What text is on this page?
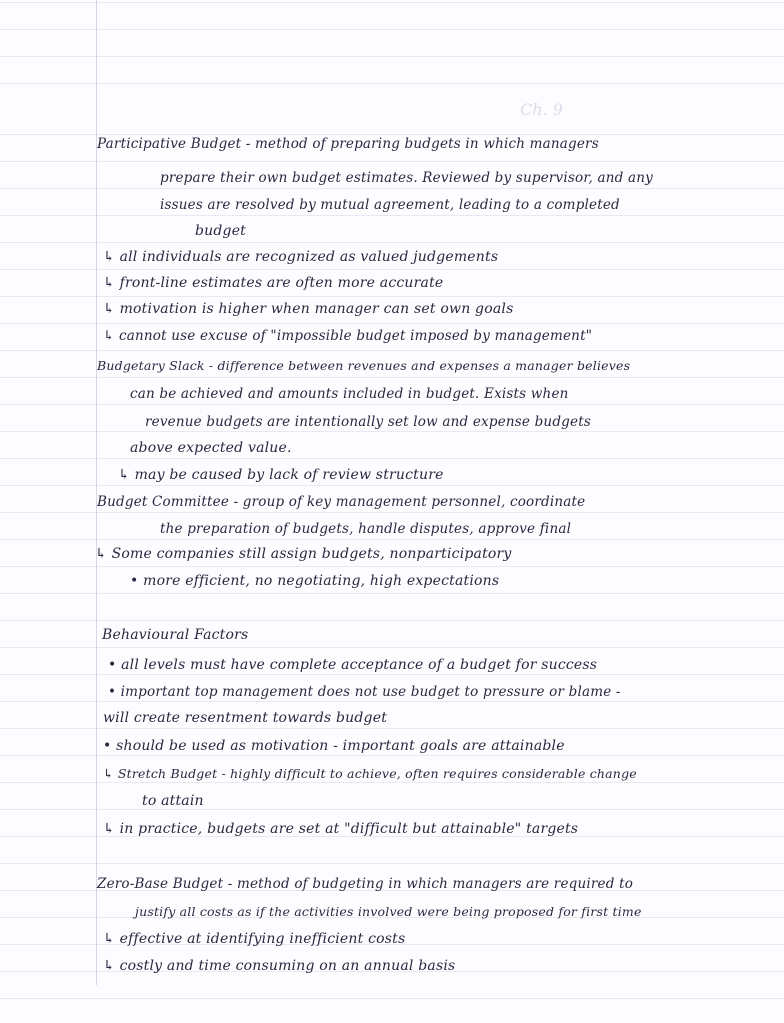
Ch. 9
Participative Budget - method of preparing budgets in which managers
prepare their own budget estimates. Reviewed by supervisor, and any
issues are resolved by mutual agreement, leading to a completed
budget
↳ all individuals are recognized as valued judgements
↳ front-line estimates are often more accurate
↳ motivation is higher when manager can set own goals
↳ cannot use excuse of "impossible budget imposed by management"
Budgetary Slack - difference between revenues and expenses a manager believes
can be achieved and amounts included in budget. Exists when
revenue budgets are intentionally set low and expense budgets
above expected value.
↳ may be caused by lack of review structure
Budget Committee - group of key management personnel, coordinate
the preparation of budgets, handle disputes, approve final
↳ Some companies still assign budgets, nonparticipatory
• more efficient, no negotiating, high expectations
Behavioural Factors
• all levels must have complete acceptance of a budget for success
• important top management does not use budget to pressure or blame -
will create resentment towards budget
• should be used as motivation - important goals are attainable
↳ Stretch Budget - highly difficult to achieve, often requires considerable change
to attain
↳ in practice, budgets are set at "difficult but attainable" targets
Zero-Base Budget - method of budgeting in which managers are required to
justify all costs as if the activities involved were being proposed for first time
↳ effective at identifying inefficient costs
↳ costly and time consuming on an annual basis
